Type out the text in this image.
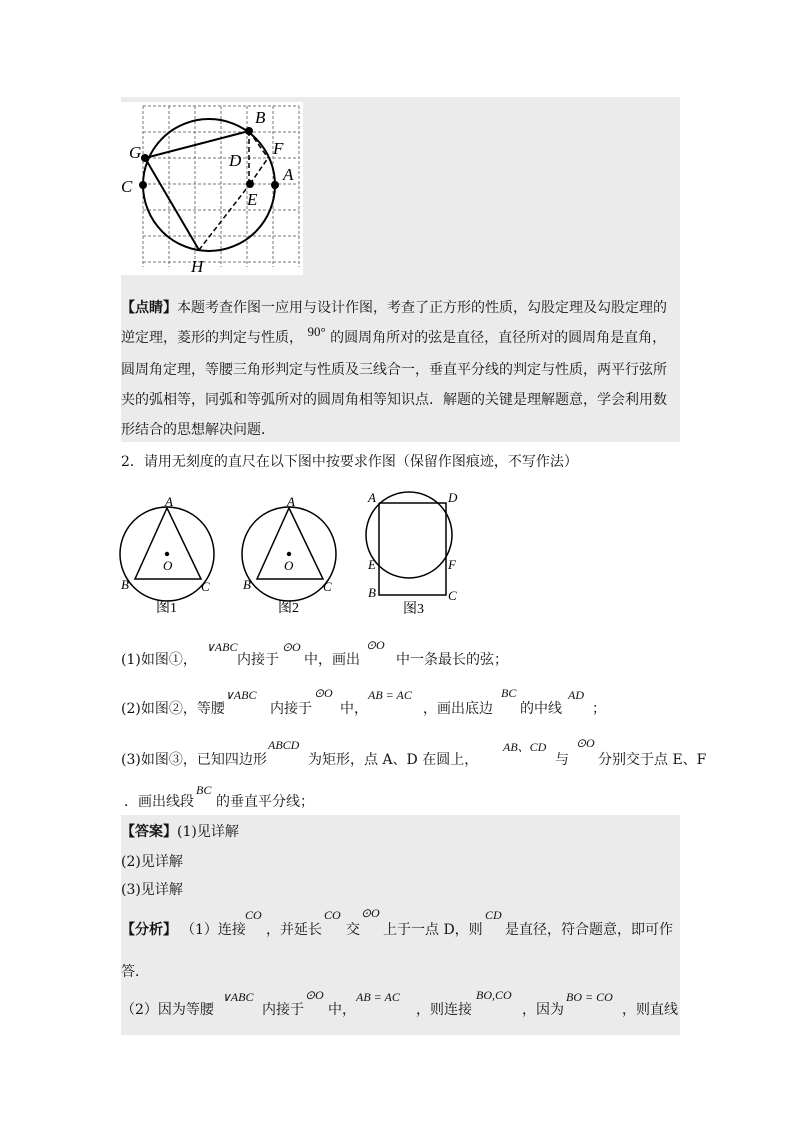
B
G	D
F
C
A
E
H
【点睛】本题考查作图一应用与设计作图，考查了正方形的性质，勾股定理及勾股定理的
逆定理，菱形的判定与性质， 90° 的圆周角所对的弦是直径，直径所对的圆周角是直角，
圆周角定理，等腰三角形判定与性质及三线合一，垂直平分线的判定与性质，两平行弦所
夹的弧相等，同弧和等弧所对的圆周角相等知识点．解题的关键是理解题意，学会利用数
形结合的思想解决问题．
2．请用无刻度的直尺在以下图中按要求作图（保留作图痕迹，不写作法）
A
O
B	C
图1
A
O
B	C
图2
A	D
E	F
B	C
图3
(1)如图①，
∨ABC
内接于
⊙O
中，画出
⊙O
中一条最长的弦；
(2)如图②，等腰
∨ABC
内接于
⊙O
中，
AB = AC
，画出底边
BC
的中线
AD
；
(3)如图③，已知四边形
ABCD
为矩形，点 A、D 在圆上，
AB、CD
与
⊙O
分别交于点 E、F
．画出线段
BC
的垂直平分线；
【答案】(1)见详解
(2)见详解
(3)见详解
【分析】 （1）连接
CO
，并延长
CO ⊙O
交 上于一点 D，则
CD
是直径，符合题意，即可作
答．
（2）因为等腰
∨ABC
内接于
⊙O
中，
AB = AC
，则连接
BO,CO
，因为
BO = CO
，则直线
